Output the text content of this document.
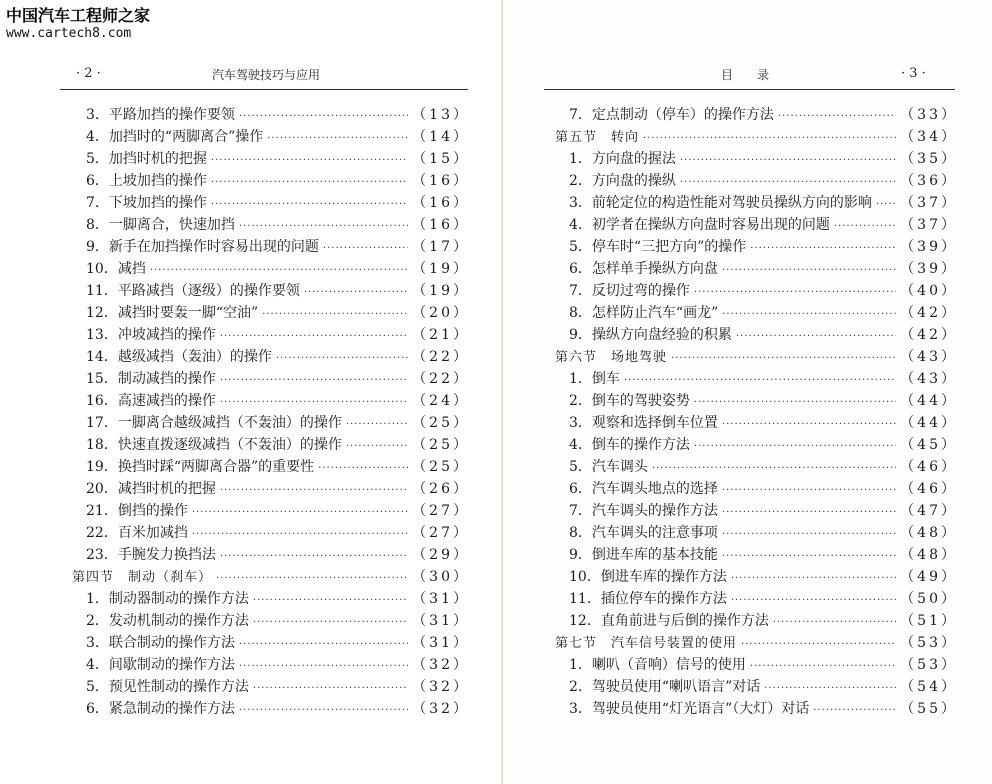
· 2 ·	汽车驾驶技巧与应用
3．平路加挡的操作要领 ·····	（13）
4．加挡时的“两脚离合”操作 ·····	（14）
5．加挡时机的把握 ·····	（15）
6．上坡加挡的操作 ·····	（16）
7．下坡加挡的操作 ·····	（16）
8．一脚离合，快速加挡 ·····	（16）
9．新手在加挡操作时容易出现的问题 ·····	（17）
10．减挡 ·····	（19）
11．平路减挡（逐级）的操作要领 ·····	（19）
12．减挡时要轰一脚“空油” ·····	（20）
13．冲坡减挡的操作 ·····	（21）
14．越级减挡（轰油）的操作 ·····	（22）
15．制动减挡的操作 ·····	（22）
16．高速减挡的操作 ·····	（24）
17．一脚离合越级减挡（不轰油）的操作 ·····	（25）
18．快速直拨逐级减挡（不轰油）的操作 ·····	（25）
19．换挡时踩“两脚离合器”的重要性 ·····	（25）
20．减挡时机的把握 ·····	（26）
21．倒挡的操作 ·····	（27）
22．百米加减挡 ·····	（27）
23．手腕发力换挡法 ·····	（29）
第四节　制动（刹车） ·····	（30）
1．制动器制动的操作方法 ·····	（31）
2．发动机制动的操作方法 ·····	（31）
3．联合制动的操作方法 ·····	（31）
4．间歇制动的操作方法 ·····	（32）
5．预见性制动的操作方法 ·····	（32）
6．紧急制动的操作方法 ·····	（32）
目　　录	· 3 ·
7．定点制动（停车）的操作方法 ·····	（33）
第五节　转向 ·····	（34）
1．方向盘的握法 ·····	（35）
2．方向盘的操纵 ·····	（36）
3．前轮定位的构造性能对驾驶员操纵方向的影响 ····· （37）
4．初学者在操纵方向盘时容易出现的问题 ·····	（37）
5．停车时“三把方向”的操作 ·····	（39）
6．怎样单手操纵方向盘 ·····	（39）
7．反切过弯的操作 ·····	（40）
8．怎样防止汽车“画龙” ·····	（42）
9．操纵方向盘经验的积累 ·····	（42）
第六节　场地驾驶 ·····	（43）
1．倒车 ·····	（43）
2．倒车的驾驶姿势 ·····	（44）
3．观察和选择倒车位置 ·····	（44）
4．倒车的操作方法 ·····	（45）
5．汽车调头 ·····	（46）
6．汽车调头地点的选择 ·····	（46）
7．汽车调头的操作方法 ·····	（47）
8．汽车调头的注意事项 ·····	（48）
9．倒进车库的基本技能 ·····	（48）
10．倒进车库的操作方法 ·····	（49）
11．插位停车的操作方法 ·····	（50）
12．直角前进与后倒的操作方法 ·····	（51）
第七节　汽车信号装置的使用 ·····	（53）
1．喇叭（音响）信号的使用 ·····	（53）
2．驾驶员使用“喇叭语言”对话 ·····	（54）
3．驾驶员使用“灯光语言”（大灯）对话 ·····	（55）
中国汽车工程师之家
www.cartech8.com
